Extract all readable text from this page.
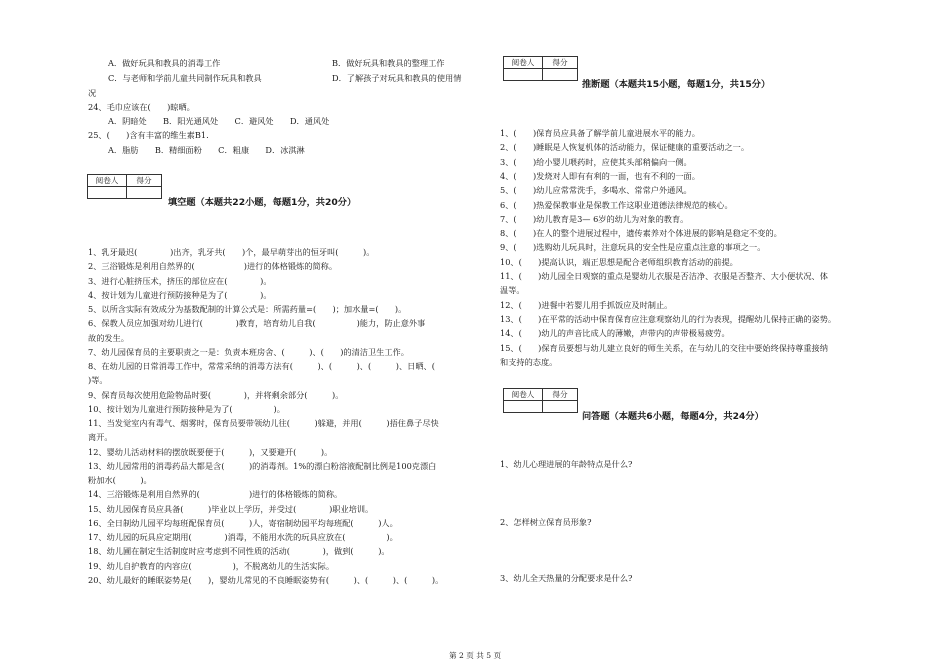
A．做好玩具和教具的消毒工作	B．做好玩具和教具的整理工作
C．与老师和学前儿童共同制作玩具和教具	D．了解孩子对玩具和教具的使用情
况
24、毛巾应该在(　　)晾晒。
A．阴暗处　　B．阳光通风处　　C．避风处　　D．通风处
25、(　　)含有丰富的维生素B1.
A．脂肪　　B．精细面粉　　C．粗康　　D．冰淇淋
阅卷人	得分

填空题（本题共22小题，每题1分，共20分）
1、乳牙最迟(　　　　)出齐，乳牙共(　　)个，最早萌芽出的恒牙叫(　　　)。
2、三浴锻炼是利用自然界的(　　　　　　)进行的体格锻炼的简称。
3、进行心脏挤压术，挤压的部位应在(　　　　)。
4、按计划为儿童进行预防接种是为了(　　　　)。
5、以所含实际有效成分为基数配制的计算公式是：所需药量=(　　)；加水量=(　　)。
6、保教人员应加强对幼儿进行(　　　　)教育，培育幼儿自我(　　　　　)能力，防止意外事
故的发生。
7、幼儿园保育员的主要职责之一是：负责本班房舍、(　　　)、(　　)的清洁卫生工作。
8、在幼儿园的日常消毒工作中，常常采纳的消毒方法有(　　　)、(　　　)、(　　　)、日晒、(　　
)等。
9、保育员每次使用危险物品时要(　　　　)，并将剩余部分(　　　)。
10、按计划为儿童进行预防接种是为了(　　　　　)。
11、当发觉室内有毒气、烟雾时，保育员要带领幼儿往(　　　)躲避，并用(　　　)捂住鼻子尽快
离开。
12、婴幼儿活动材料的摆放既要便于(　　　)，又要避开(　　　)。
13、幼儿园常用的消毒药品大都是含(　　　)的消毒剂。1%的漂白粉溶液配制比例是100克漂白
粉加水(　　　)。
14、三浴锻炼是利用自然界的(　　　　　　)进行的体格锻炼的简称。
15、幼儿园保育员应具备(　　　)毕业以上学历，并受过(　　　　)职业培训。
16、全日制幼儿园平均每班配保育员(　　　)人，寄宿制幼园平均每班配(　　　)人。
17、幼儿园的玩具应定期用(　　　　)消毒，不能用水洗的玩具应放在(　　　　　)。
18、幼儿圃在制定生活制度时应考虑到不同性质的活动(　　　　)，做到(　　　)。
19、幼儿自护教育的内容应(　　　　　)，不脱离幼儿的生活实际。
20、幼儿最好的睡眠姿势是(　　)，婴幼儿常见的不良睡眠姿势有(　　　)、(　　　)、(　　　)。
阅卷人	得分

推断题（本题共15小题，每题1分，共15分）
1、(　　)保育员应具备了解学前儿童进展水平的能力。
2、(　　)睡眠是人恢复机体的活动能力，保证健康的重要活动之一。
3、(　　)给小婴儿喂药时，应使其头部稍偏向一侧。
4、(　　)发烧对人即有有利的一面，也有不利的一面。
5、(　　)幼儿应常常洗手，多喝水、常常户外通风。
6、(　　)热爱保教事业是保教工作这职业道德法律规范的核心。
7、(　　)幼儿教育是3— 6岁的幼儿为对象的教育。
8、(　　)在人的整个进展过程中，遗传素养对个体进展的影响是稳定不变的。
9、(　　)选购幼儿玩具时，注意玩具的安全性是应重点注意的事项之一。
10、(　　)提高认识，端正思想是配合老师组织教育活动的前提。
11、(　　)幼儿园全日观察的重点是婴幼儿衣服是否洁净、衣服是否整齐、大小便状况、体
温等。
12、(　　)进餐中若婴儿用手抓饭应及时制止。
13、(　　)在平常的活动中保育保育应注意观察幼儿的行为表现，提醒幼儿保持正确的姿势。
14、(　　)幼儿的声音比成人的薄嫩，声带内的声带极易疲劳。
15、(　　)保育员要想与幼儿建立良好的师生关系，在与幼儿的交往中要始终保持尊重接纳
和支持的态度。
阅卷人	得分

问答题（本题共6小题，每题4分，共24分）
1、幼儿心理进展的年龄特点是什么?
2、怎样树立保育员形象?
3、幼儿全天热量的分配要求是什么?
第 2 页 共 5 页
